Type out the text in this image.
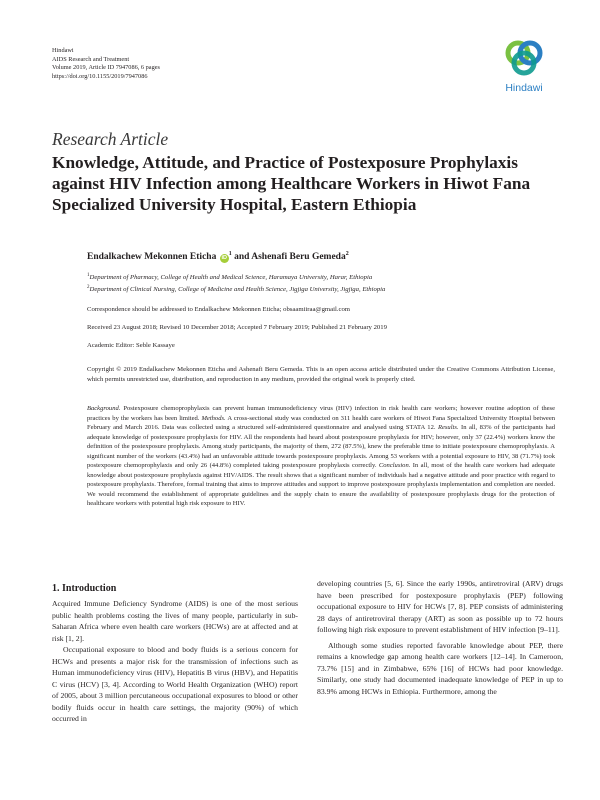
Hindawi
AIDS Research and Treatment
Volume 2019, Article ID 7947086, 6 pages
https://doi.org/10.1155/2019/7947086
Hindawi
Research Article
Knowledge, Attitude, and Practice of Postexposure Prophylaxis against HIV Infection among Healthcare Workers in Hiwot Fana Specialized University Hospital, Eastern Ethiopia
Endalkachew Mekonnen Eticha $iD^1$ and Ashenafi Beru Gemeda$^2$
$^1$Department of Pharmacy, College of Health and Medical Science, Haramaya University, Harar, Ethiopia
$^2$Department of Clinical Nursing, College of Medicine and Health Science, Jigjiga University, Jigjiga, Ethiopia
Correspondence should be addressed to Endalkachew Mekonnen Eticha; obsaamiiraa@gmail.com
Received 23 August 2018; Revised 10 December 2018; Accepted 7 February 2019; Published 21 February 2019
Academic Editor: Seble Kassaye
Copyright © 2019 Endalkachew Mekonnen Eticha and Ashenafi Beru Gemeda. This is an open access article distributed under the Creative Commons Attribution License, which permits unrestricted use, distribution, and reproduction in any medium, provided the original work is properly cited.

Background. Postexposure chemoprophylaxis can prevent human immunodeficiency virus (HIV) infection in risk health care workers; however routine adoption of these practices by the workers has been limited. Methods. A cross-sectional study was conducted on 311 health care workers of Hiwot Fana Specialized University Hospital between February and March 2016. Data was collected using a structured self-administered questionnaire and analysed using STATA 12. Results. In all, 83% of the participants had adequate knowledge of postexposure prophylaxis for HIV. All the respondents had heard about postexposure prophylaxis for HIV; however, only 37 (22.4%) workers know the definition of the postexposure prophylaxis. Among study participants, the majority of them, 272 (87.5%), knew the preferable time to initiate postexposure chemoprophylaxis. A significant number of the workers (43.4%) had an unfavorable attitude towards postexposure prophylaxis. Among 53 workers with a potential exposure to HIV, 38 (71.7%) took postexposure chemoprophylaxis and only 26 (44.8%) completed taking postexposure prophylaxis correctly. Conclusion. In all, most of the health care workers had adequate knowledge about postexposure prophylaxis against HIV/AIDS. The result shows that a significant number of individuals had a negative attitude and poor practice with regard to postexposure prophylaxis. Therefore, formal training that aims to improve attitudes and support to improve postexposure prophylaxis implementation and completion are needed. We would recommend the establishment of appropriate guidelines and the supply chain to ensure the availability of postexposure prophylaxis drugs for the protection of healthcare workers with potential high risk exposure to HIV.

1. Introduction

Acquired Immune Deficiency Syndrome (AIDS) is one of the most serious public health problems costing the lives of many people, particularly in sub-Saharan Africa where even health care workers (HCWs) are at affected and at risk [1, 2].

Occupational exposure to blood and body fluids is a serious concern for HCWs and presents a major risk for the transmission of infections such as Human immunodeficiency virus (HIV), Hepatitis B virus (HBV), and Hepatitis C virus (HCV) [3, 4]. According to World Health Organization (WHO) report of 2005, about 3 million percutaneous occupational exposures to blood or other bodily fluids occur in health care settings, the majority (90%) of which occurred in

developing countries [5, 6]. Since the early 1990s, antiretroviral (ARV) drugs have been prescribed for postexposure prophylaxis (PEP) following occupational exposure to HIV for HCWs [7, 8]. PEP consists of administering 28 days of antiretroviral therapy (ART) as soon as possible up to 72 hours following high risk exposure to prevent establishment of HIV infection [9–11].

Although some studies reported favorable knowledge about PEP, there remains a knowledge gap among health care workers [12–14]. In Cameroon, 73.7% [15] and in Zimbabwe, 65% [16] of HCWs had poor knowledge. Similarly, one study had documented inadequate knowledge of PEP in up to 83.9% among HCWs in Ethiopia. Furthermore, among the
